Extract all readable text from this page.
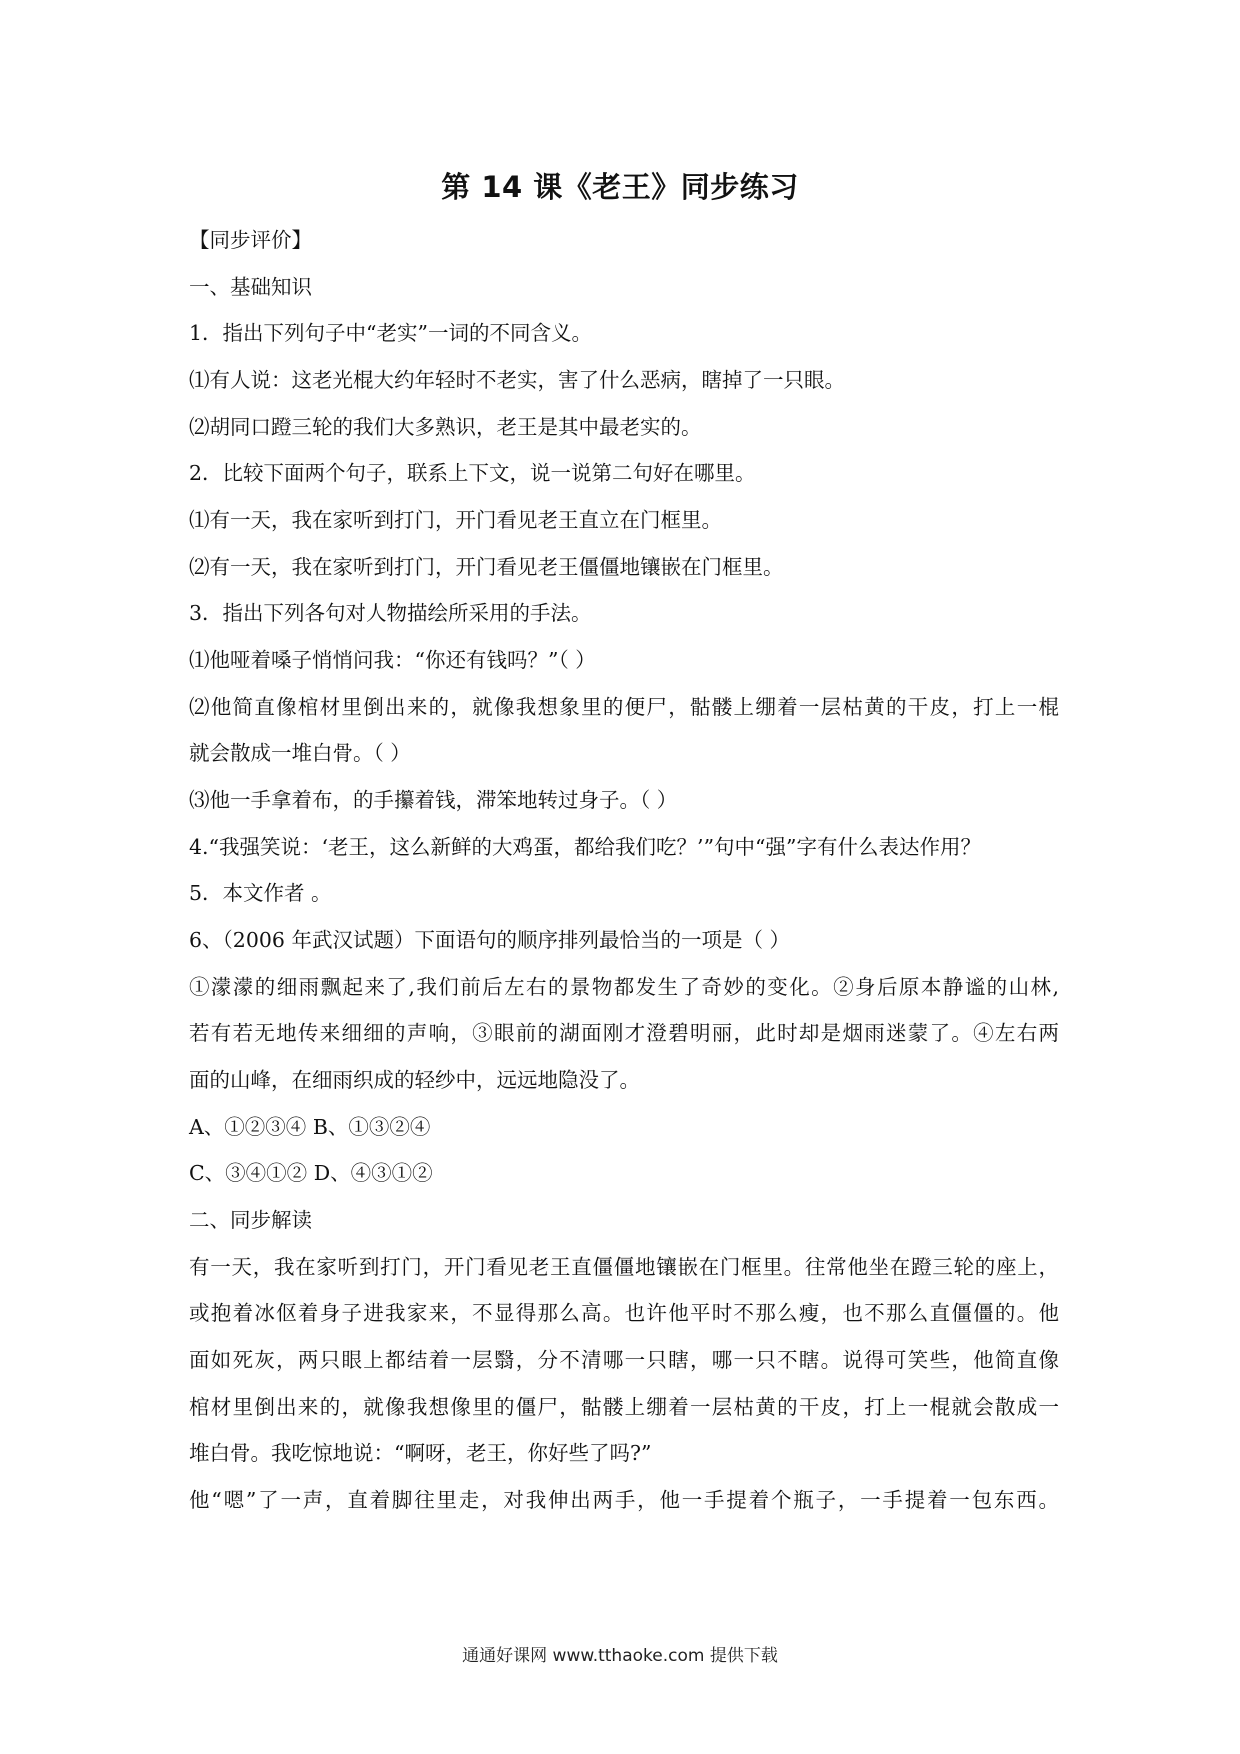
第 14 课《老王》同步练习
【同步评价】
一、基础知识
1．指出下列句子中“老实”一词的不同含义。
⑴有人说：这老光棍大约年轻时不老实，害了什么恶病，瞎掉了一只眼。
⑵胡同口蹬三轮的我们大多熟识，老王是其中最老实的。
2．比较下面两个句子，联系上下文，说一说第二句好在哪里。
⑴有一天，我在家听到打门，开门看见老王直立在门框里。
⑵有一天，我在家听到打门，开门看见老王僵僵地镶嵌在门框里。
3．指出下列各句对人物描绘所采用的手法。
⑴他哑着嗓子悄悄问我：“你还有钱吗？”（ ）
⑵他简直像棺材里倒出来的，就像我想象里的便尸，骷髅上绷着一层枯黄的干皮，打上一棍
就会散成一堆白骨。（ ）
⑶他一手拿着布，的手攥着钱，滞笨地转过身子。（ ）
4.“我强笑说：‘老王，这么新鲜的大鸡蛋，都给我们吃？’”句中“强”字有什么表达作用？
5．本文作者 。
6、（2006 年武汉试题）下面语句的顺序排列最恰当的一项是（ ）
①濛濛的细雨飘起来了,我们前后左右的景物都发生了奇妙的变化。②身后原本静谧的山林,
若有若无地传来细细的声响，③眼前的湖面刚才澄碧明丽，此时却是烟雨迷蒙了。④左右两
面的山峰，在细雨织成的轻纱中，远远地隐没了。
A、①②③④ B、①③②④
C、③④①② D、④③①②
二、同步解读
有一天，我在家听到打门，开门看见老王直僵僵地镶嵌在门框里。往常他坐在蹬三轮的座上，
或抱着冰伛着身子进我家来，不显得那么高。也许他平时不那么瘦，也不那么直僵僵的。他
面如死灰，两只眼上都结着一层翳，分不清哪一只瞎，哪一只不瞎。说得可笑些，他简直像
棺材里倒出来的，就像我想像里的僵尸，骷髅上绷着一层枯黄的干皮，打上一棍就会散成一
堆白骨。我吃惊地说：“啊呀，老王，你好些了吗?”
他“嗯”了一声，直着脚往里走，对我伸出两手，他一手提着个瓶子，一手提着一包东西。
通通好课网 www.tthaoke.com 提供下载
